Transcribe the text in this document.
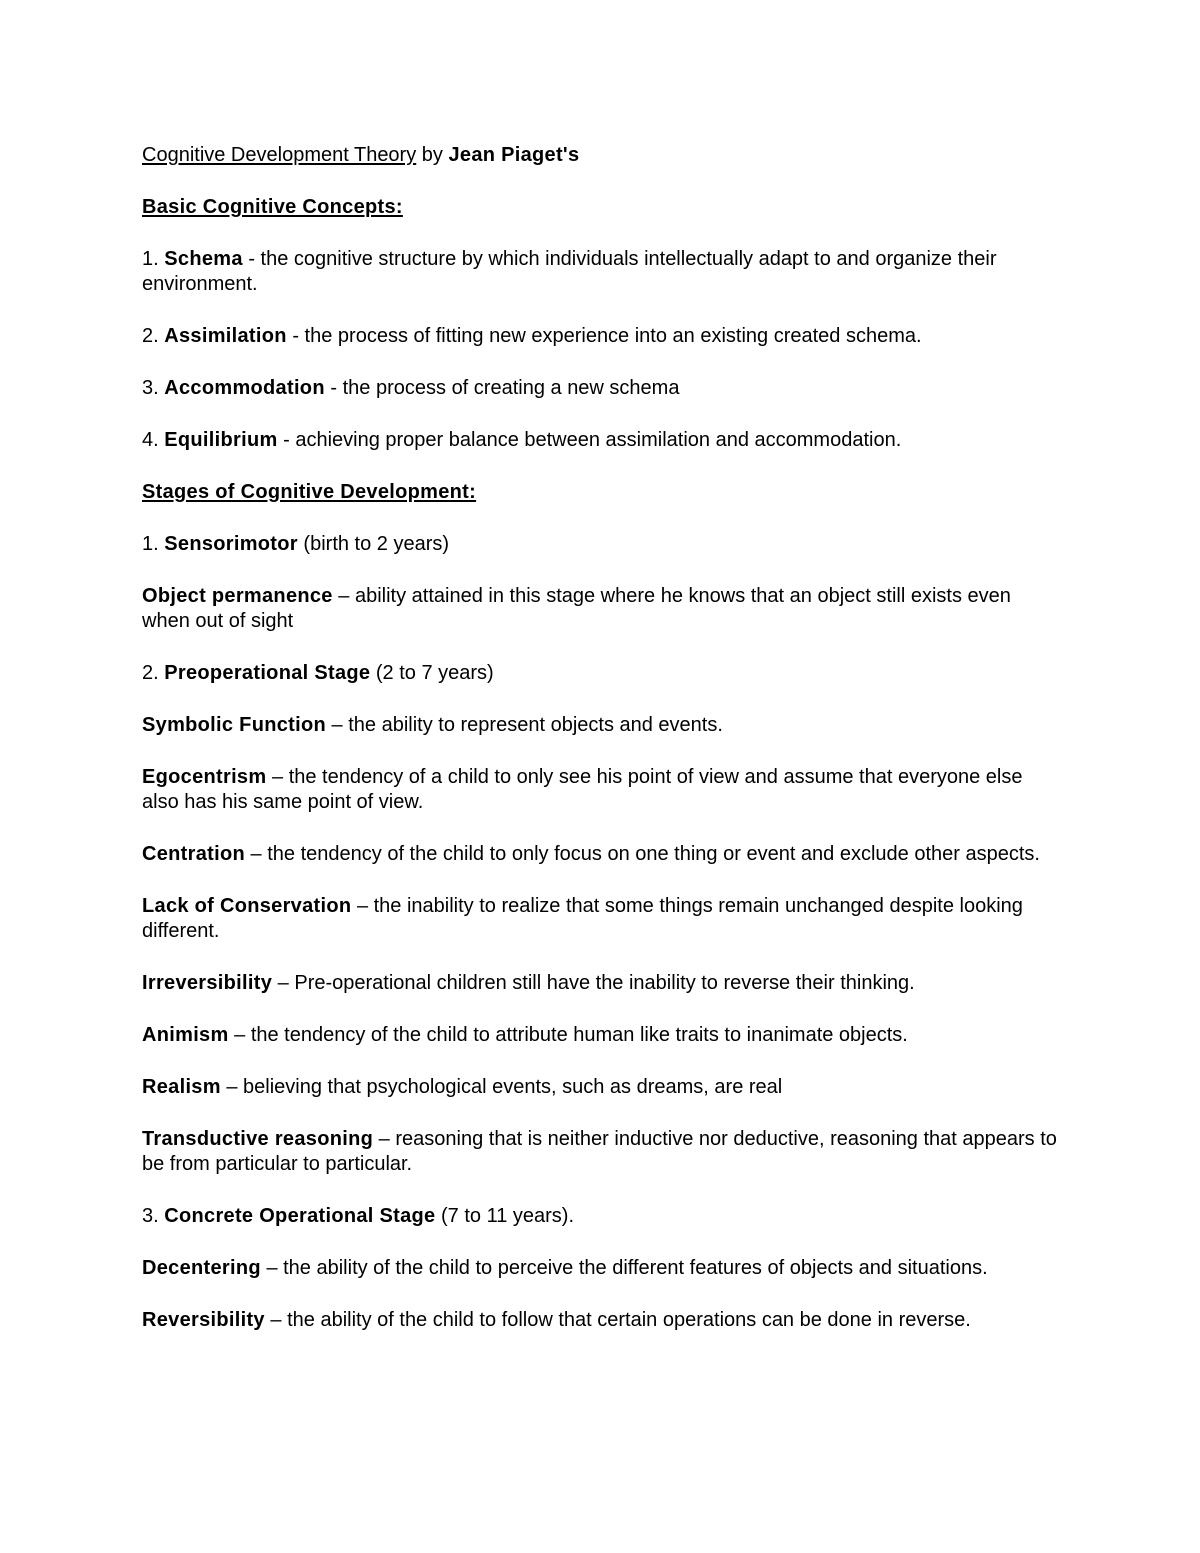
Cognitive Development Theory by Jean Piaget's

Basic Cognitive Concepts:

1. Schema - the cognitive structure by which individuals intellectually adapt to and organize their environment.

2. Assimilation - the process of fitting new experience into an existing created schema.

3. Accommodation - the process of creating a new schema

4. Equilibrium - achieving proper balance between assimilation and accommodation.

Stages of Cognitive Development:

1. Sensorimotor (birth to 2 years)

Object permanence – ability attained in this stage where he knows that an object still exists even when out of sight

2. Preoperational Stage (2 to 7 years)

Symbolic Function – the ability to represent objects and events.

Egocentrism – the tendency of a child to only see his point of view and assume that everyone else also has his same point of view.

Centration – the tendency of the child to only focus on one thing or event and exclude other aspects.

Lack of Conservation – the inability to realize that some things remain unchanged despite looking different.

Irreversibility – Pre-operational children still have the inability to reverse their thinking.

Animism – the tendency of the child to attribute human like traits to inanimate objects.

Realism – believing that psychological events, such as dreams, are real

Transductive reasoning – reasoning that is neither inductive nor deductive, reasoning that appears to be from particular to particular.

3. Concrete Operational Stage (7 to 11 years).

Decentering – the ability of the child to perceive the different features of objects and situations.

Reversibility – the ability of the child to follow that certain operations can be done in reverse.
